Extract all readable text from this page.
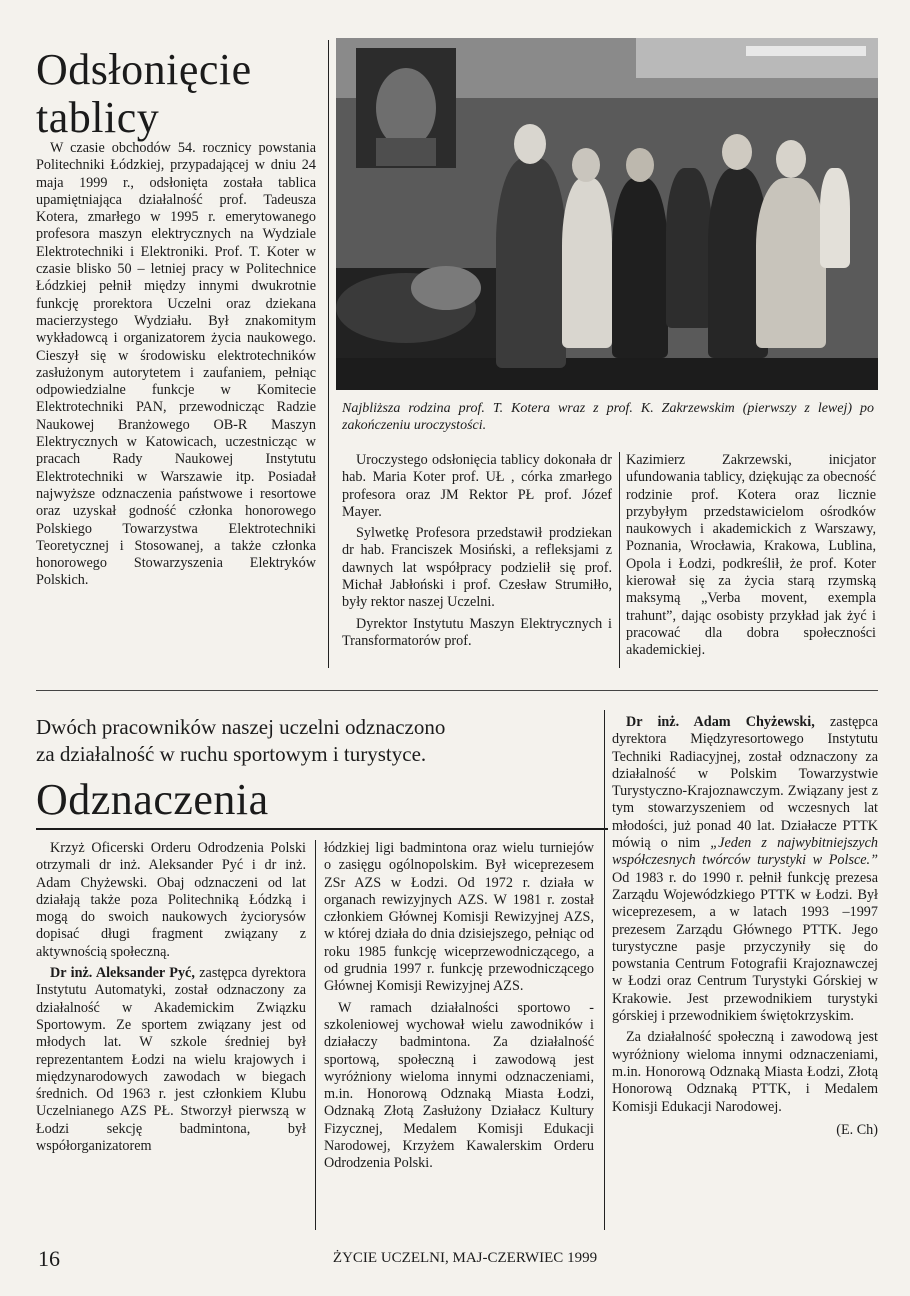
Odsłonięcie
tablicy

W czasie obchodów 54. rocznicy powstania Politechniki Łódzkiej, przypadającej w dniu 24 maja 1999 r., odsłonięta została tablica upamiętniająca działalność prof. Tadeusza Kotera, zmarłego w 1995 r. emerytowanego profesora maszyn elektrycznych na Wydziale Elektrotechniki i Elektroniki. Prof. T. Koter w czasie blisko 50 – letniej pracy w Politechnice Łódzkiej pełnił między innymi dwukrotnie funkcję prorektora Uczelni oraz dziekana macierzystego Wydziału. Był znakomitym wykładowcą i organizatorem życia naukowego. Cieszył się w środowisku elektrotechników zasłużonym autorytetem i zaufaniem, pełniąc odpowiedzialne funkcje w Komitecie Elektrotechniki PAN, przewodnicząc Radzie Naukowej Branżowego OB-R Maszyn Elektrycznych w Katowicach, uczestnicząc w pracach Rady Naukowej Instytutu Elektrotechniki w Warszawie itp. Posiadał najwyższe odznaczenia państwowe i resortowe oraz uzyskał godność członka honorowego Polskiego Towarzystwa Elektrotechniki Teoretycznej i Stosowanej, a także członka honorowego Stowarzyszenia Elektryków Polskich.

Najbliższa rodzina prof. T. Kotera wraz z prof. K. Zakrzewskim (pierwszy z lewej) po zakończeniu uroczystości.

Uroczystego odsłonięcia tablicy dokonała dr hab. Maria Koter prof. UŁ , córka zmarłego profesora oraz JM Rektor PŁ prof. Józef Mayer.

Sylwetkę Profesora przedstawił prodziekan dr hab. Franciszek Mosiński, a refleksjami z dawnych lat współpracy podzielił się prof. Michał Jabłoński i prof. Czesław Strumiłło, były rektor naszej Uczelni.

Dyrektor Instytutu Maszyn Elektrycznych i Transformatorów prof.

Kazimierz Zakrzewski, inicjator ufundowania tablicy, dziękując za obecność rodzinie prof. Kotera oraz licznie przybyłym przedstawicielom ośrodków naukowych i akademickich z Warszawy, Poznania, Wrocławia, Krakowa, Lublina, Opola i Łodzi, podkreślił, że prof. Koter kierował się za życia starą rzymską maksymą „Verba movent, exempla trahunt”, dając osobisty przykład jak żyć i pracować dla dobra społeczności akademickiej.

Dwóch pracowników naszej uczelni odznaczono
za działalność w ruchu sportowym i turystyce.
Odznaczenia

Krzyż Oficerski Orderu Odrodzenia Polski otrzymali dr inż. Aleksander Pyć i dr inż. Adam Chyżewski. Obaj odznaczeni od lat działają także poza Politechniką Łódzką i mogą do swoich naukowych życiorysów dopisać długi fragment związany z aktywnością społeczną.

Dr inż. Aleksander Pyć, zastępca dyrektora Instytutu Automatyki, został odznaczony za działalność w Akademickim Związku Sportowym. Ze sportem związany jest od młodych lat. W szkole średniej był reprezentantem Łodzi na wielu krajowych i międzynarodowych zawodach w biegach średnich. Od 1963 r. jest członkiem Klubu Uczelnianego AZS PŁ. Stworzył pierwszą w Łodzi sekcję badmintona, był współorganizatorem

łódzkiej ligi badmintona oraz wielu turniejów o zasięgu ogólnopolskim. Był wiceprezesem ZSr AZS w Łodzi. Od 1972 r. działa w organach rewizyjnych AZS. W 1981 r. został członkiem Głównej Komisji Rewizyjnej AZS, w której działa do dnia dzisiejszego, pełniąc od roku 1985 funkcję wiceprzewodniczącego, a od grudnia 1997 r. funkcję przewodniczącego Głównej Komisji Rewizyjnej AZS.

W ramach działalności sportowo - szkoleniowej wychował wielu zawodników i działaczy badmintona. Za działalność sportową, społeczną i zawodową jest wyróżniony wieloma innymi odznaczeniami, m.in. Honorową Odznaką Miasta Łodzi, Odznaką Złotą Zasłużony Działacz Kultury Fizycznej, Medalem Komisji Edukacji Narodowej, Krzyżem Kawalerskim Orderu Odrodzenia Polski.

Dr inż. Adam Chyżewski, zastępca dyrektora Międzyresortowego Instytutu Techniki Radiacyjnej, został odznaczony za działalność w Polskim Towarzystwie Turystyczno-Krajoznawczym. Związany jest z tym stowarzyszeniem od wczesnych lat młodości, już ponad 40 lat. Działacze PTTK mówią o nim „Jeden z najwybitniejszych współczesnych twórców turystyki w Polsce.” Od 1983 r. do 1990 r. pełnił funkcję prezesa Zarządu Wojewódzkiego PTTK w Łodzi. Był wiceprezesem, a w latach 1993 –1997 prezesem Zarządu Głównego PTTK. Jego turystyczne pasje przyczyniły się do powstania Centrum Fotografii Krajoznawczej w Łodzi oraz Centrum Turystyki Górskiej w Krakowie. Jest przewodnikiem turystyki górskiej i przewodnikiem świętokrzyskim.

Za działalność społeczną i zawodową jest wyróżniony wieloma innymi odznaczeniami, m.in. Honorową Odznaką Miasta Łodzi, Złotą Honorową Odznaką PTTK, i Medalem Komisji Edukacji Narodowej.

(E. Ch)

16	ŻYCIE UCZELNI, MAJ-CZERWIEC 1999
